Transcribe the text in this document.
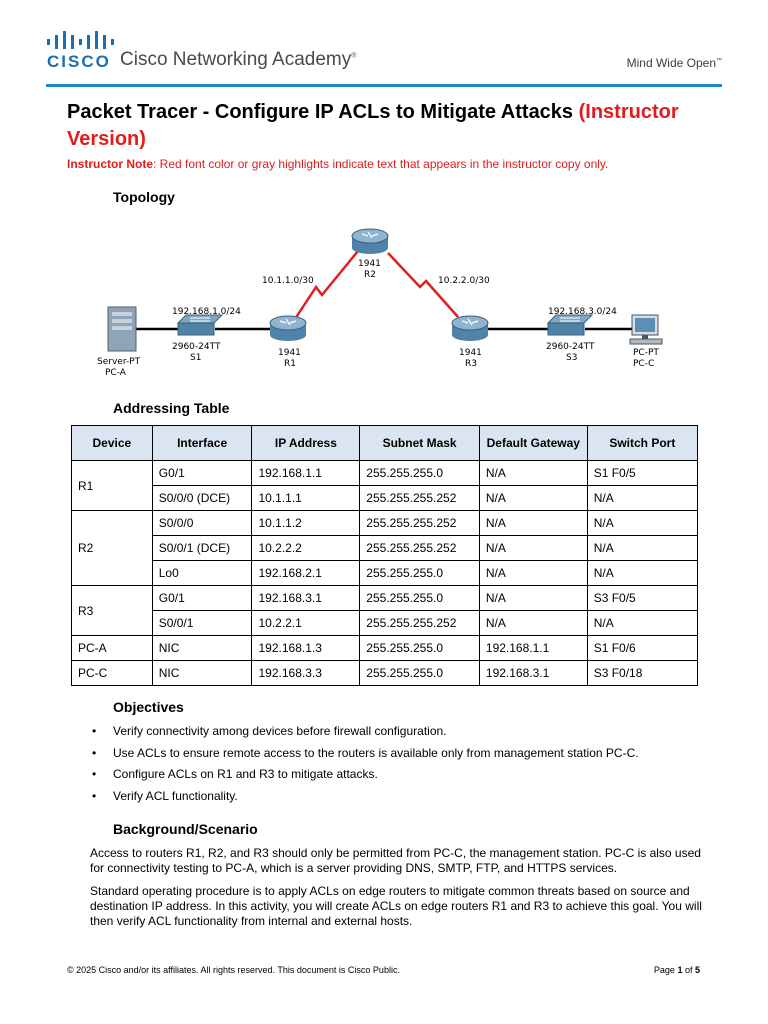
CISCO Cisco Networking Academy®	Mind Wide Open™
Packet Tracer - Configure IP ACLs to Mitigate Attacks (Instructor Version)
Instructor Note: Red font color or gray highlights indicate text that appears in the instructor copy only.
Topology
10.1.1.0/30	10.2.2.0/30
192.168.1.0/24	192.168.3.0/24
1941
R2
1941
R1
1941
R3
2960-24TT
S1
2960-24TT
S3
Server-PT
PC-A
PC-PT
PC-C
Addressing Table
Device	Interface	IP Address	Subnet Mask	Default Gateway	Switch Port
R1	G0/1	192.168.1.1	255.255.255.0	N/A	S1 F0/5
	S0/0/0 (DCE)	10.1.1.1	255.255.255.252	N/A	N/A
R2	S0/0/0	10.1.1.2	255.255.255.252	N/A	N/A
	S0/0/1 (DCE)	10.2.2.2	255.255.255.252	N/A	N/A
	Lo0	192.168.2.1	255.255.255.0	N/A	N/A
R3	G0/1	192.168.3.1	255.255.255.0	N/A	S3 F0/5
	S0/0/1	10.2.2.1	255.255.255.252	N/A	N/A
PC-A	NIC	192.168.1.3	255.255.255.0	192.168.1.1	S1 F0/6
PC-C	NIC	192.168.3.3	255.255.255.0	192.168.3.1	S3 F0/18
Objectives
• Verify connectivity among devices before firewall configuration.
• Use ACLs to ensure remote access to the routers is available only from management station PC-C.
• Configure ACLs on R1 and R3 to mitigate attacks.
• Verify ACL functionality.
Background/Scenario
Access to routers R1, R2, and R3 should only be permitted from PC-C, the management station. PC-C is also used for connectivity testing to PC-A, which is a server providing DNS, SMTP, FTP, and HTTPS services.
Standard operating procedure is to apply ACLs on edge routers to mitigate common threats based on source and destination IP address. In this activity, you will create ACLs on edge routers R1 and R3 to achieve this goal. You will then verify ACL functionality from internal and external hosts.
© 2025 Cisco and/or its affiliates. All rights reserved. This document is Cisco Public.	Page 1 of 5
